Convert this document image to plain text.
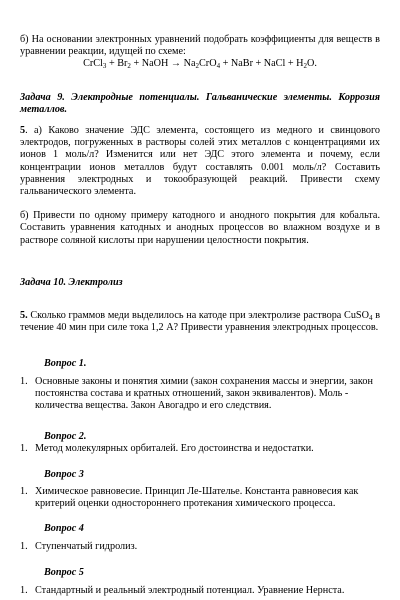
б) На основании электронных уравнений подобрать коэффициенты для веществ в уравнении реакции, идущей по схеме:

CrCl$_3$ + $Br_2$ + NaOH → $Na_2CrO_4$ + NaBr + NaCl + $H_2O$.

Задача 9. Электродные потенциалы. Гальванические элементы. Коррозия металлов.

5. а) Каково значение ЭДС элемента, состоящего из медного и свинцового электродов, погруженных в растворы солей этих металлов с концентрациями их ионов 1 моль/л? Изменится или нет ЭДС этого элемента и почему, если концентрации ионов металлов будут составлять 0.001 моль/л? Составить уравнения электродных и токообразующей реакций. Привести схему гальванического элемента.

б) Привести по одному примеру катодного и анодного покрытия для кобальта. Составить уравнения катодных и анодных процессов во влажном воздухе и в растворе соляной кислоты при нарушении целостности покрытия.

Задача 10. Электролиз

5. Сколько граммов меди выделилось на катоде при электролизе раствора CuSO$_4$ в течение 40 мин при силе тока 1,2 А? Привести уравнения электродных процессов.

Вопрос 1.

1. Основные законы и понятия химии (закон сохранения массы и энергии, закон постоянства состава и кратных отношений, закон эквивалентов). Моль - количества вещества. Закон Авогадро и его следствия.

Вопрос 2.

1. Метод молекулярных орбиталей. Его достоинства и недостатки.

Вопрос 3

1. Химическое равновесие. Принцип Ле-Шателье. Константа равновесия как критерий оценки одностороннего протекания химического процесса.

Вопрос 4

1. Ступенчатый гидролиз.

Вопрос 5

1. Стандартный и реальный электродный потенциал. Уравнение Нернста.
